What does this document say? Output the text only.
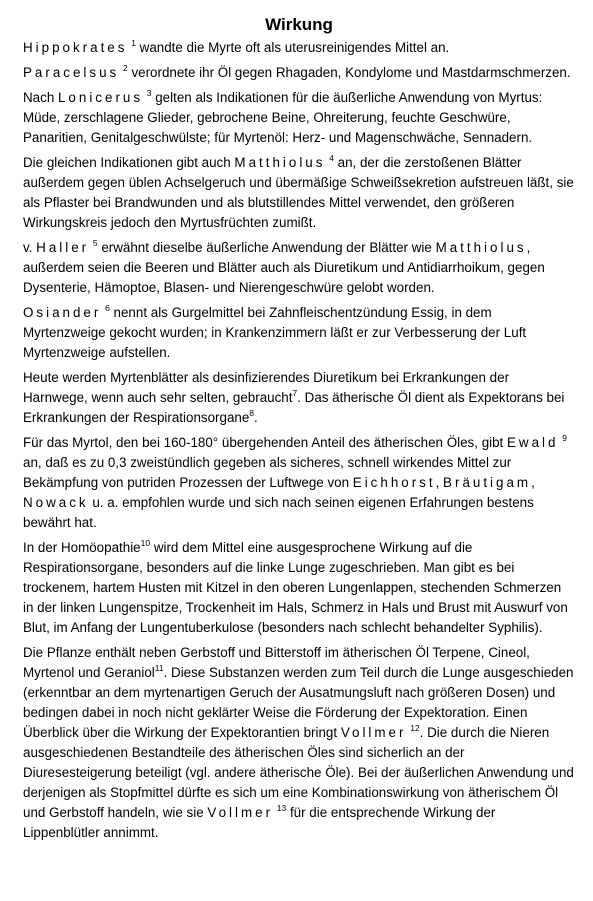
Wirkung

Hippokrates $^1$ wandte die Myrte oft als uterusreinigendes Mittel an.

Paracelsus $^2$ verordnete ihr Öl gegen Rhagaden, Kondylome und Mastdarmschmerzen.

Nach Lonicerus $^3$ gelten als Indikationen für die äußerliche Anwendung von Myrtus: Müde, zerschlagene Glieder, gebrochene Beine, Ohreiterung, feuchte Geschwüre, Panaritien, Genitalgeschwülste; für Myrtenöl: Herz- und Magenschwäche, Sennadern.

Die gleichen Indikationen gibt auch Matthiolus $^4$ an, der die zerstoßenen Blätter außerdem gegen üblen Achselgeruch und übermäßige Schweißsekretion aufstreuen läßt, sie als Pflaster bei Brandwunden und als blutstillendes Mittel verwendet, den größeren Wirkungskreis jedoch den Myrtusfrüchten zumißt.

v. Haller $^5$ erwähnt dieselbe äußerliche Anwendung der Blätter wie Matthiolus, außerdem seien die Beeren und Blätter auch als Diuretikum und Antidiarrhoikum, gegen Dysenterie, Hämoptoe, Blasen- und Nierengeschwüre gelobt worden.

Osiander $^6$ nennt als Gurgelmittel bei Zahnfleischentzündung Essig, in dem Myrtenzweige gekocht wurden; in Krankenzimmern läßt er zur Verbesserung der Luft Myrtenzweige aufstellen.

Heute werden Myrtenblätter als desinfizierendes Diuretikum bei Erkrankungen der Harnwege, wenn auch sehr selten, gebraucht$^7$. Das ätherische Öl dient als Expektorans bei Erkrankungen der Respirationsorgane$^8$.

Für das Myrtol, den bei 160-180° übergehenden Anteil des ätherischen Öles, gibt Ewald $^9$ an, daß es zu 0,3 zweistündlich gegeben als sicheres, schnell wirkendes Mittel zur Bekämpfung von putriden Prozessen der Luftwege von Eichhorst, Bräutigam, Nowack u. a. empfohlen wurde und sich nach seinen eigenen Erfahrungen bestens bewährt hat.

In der Homöopathie$^{10}$ wird dem Mittel eine ausgesprochene Wirkung auf die Respirationsorgane, besonders auf die linke Lunge zugeschrieben. Man gibt es bei trockenem, hartem Husten mit Kitzel in den oberen Lungenlappen, stechenden Schmerzen in der linken Lungenspitze, Trockenheit im Hals, Schmerz in Hals und Brust mit Auswurf von Blut, im Anfang der Lungentuberkulose (besonders nach schlecht behandelter Syphilis).

Die Pflanze enthält neben Gerbstoff und Bitterstoff im ätherischen Öl Terpene, Cineol, Myrtenol und Geraniol$^{11}$. Diese Substanzen werden zum Teil durch die Lunge ausgeschieden (erkenntbar an dem myrtenartigen Geruch der Ausatmungsluft nach größeren Dosen) und bedingen dabei in noch nicht geklärter Weise die Förderung der Expektoration. Einen Überblick über die Wirkung der Expektorantien bringt Vollmer $^{12}$. Die durch die Nieren ausgeschiedenen Bestandteile des ätherischen Öles sind sicherlich an der Diuresesteigerung beteiligt (vgl. andere ätherische Öle). Bei der äußerlichen Anwendung und derjenigen als Stopfmittel dürfte es sich um eine Kombinationswirkung von ätherischem Öl und Gerbstoff handeln, wie sie Vollmer $^{13}$ für die entsprechende Wirkung der Lippenblütler annimmt.
